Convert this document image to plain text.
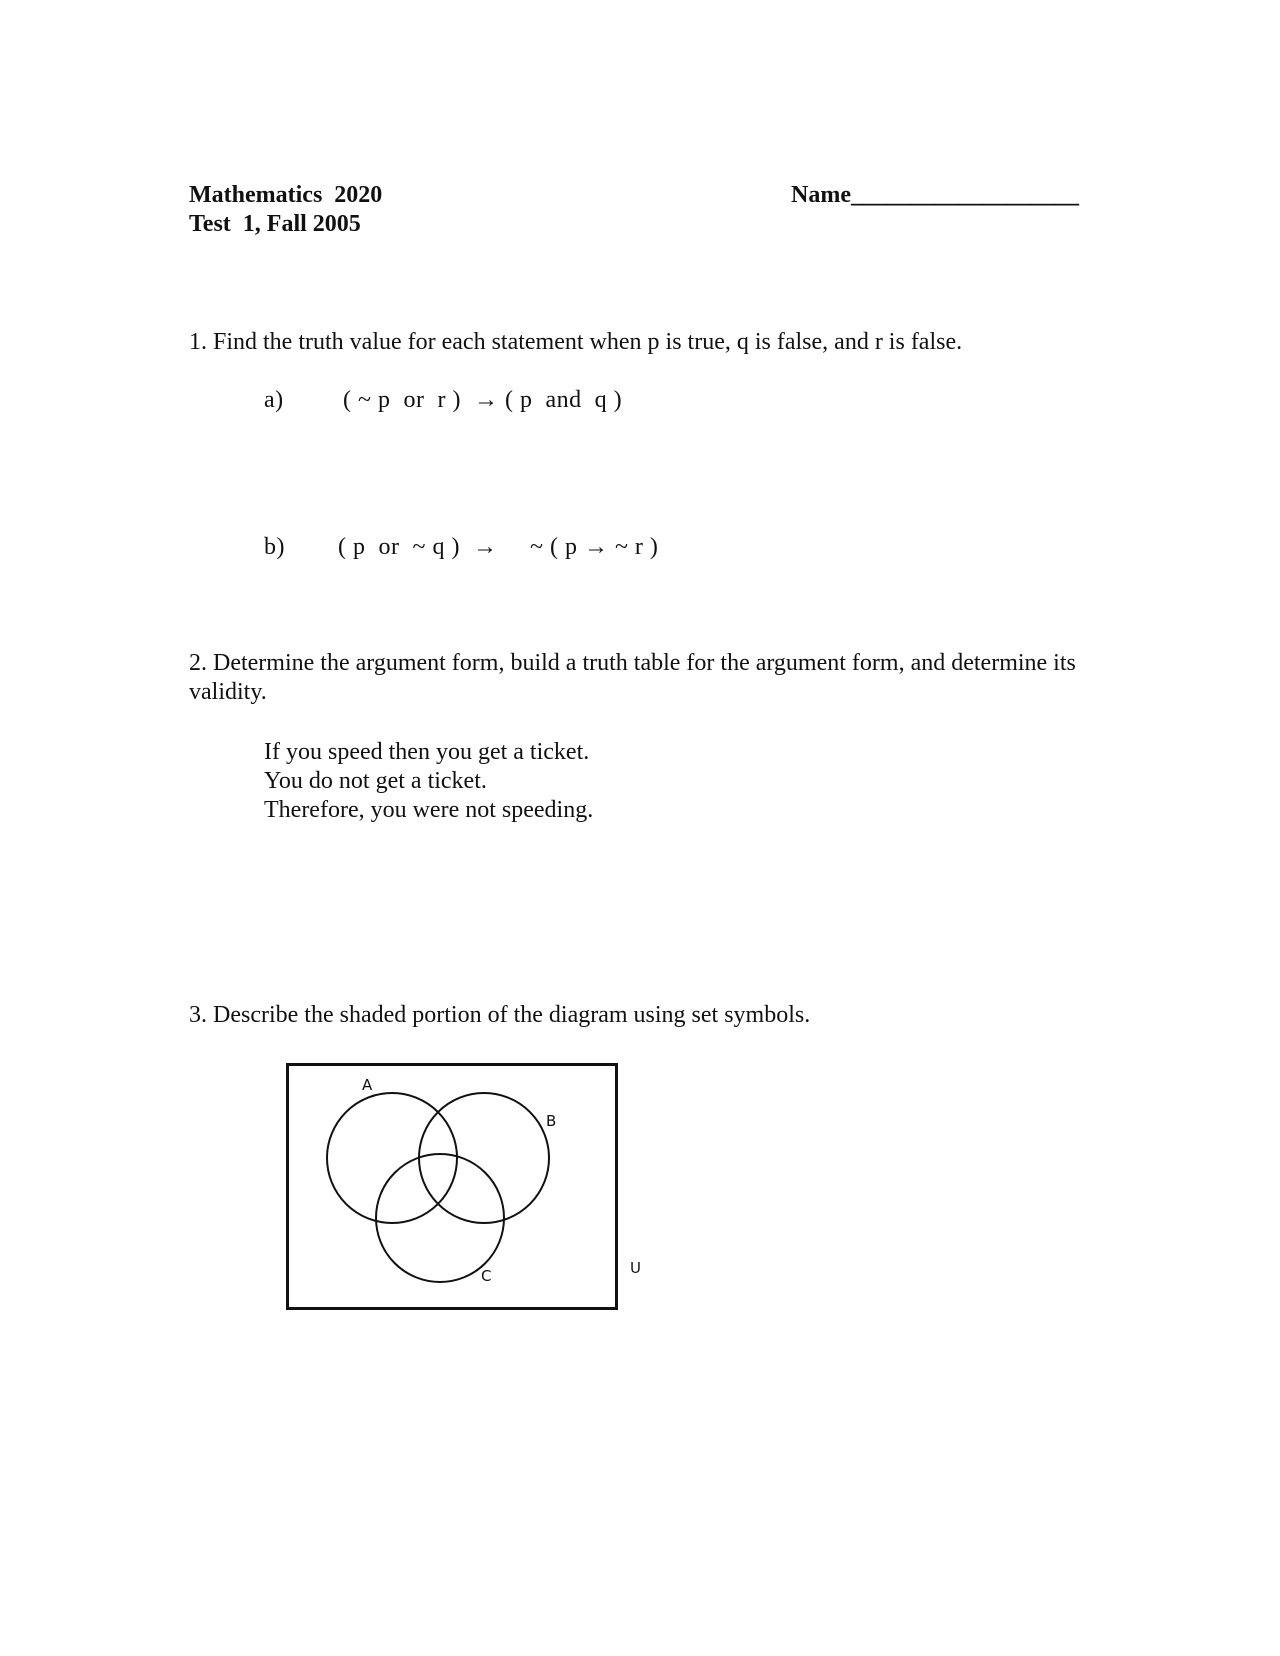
Mathematics  2020
Test  1, Fall 2005
Name___________________
1. Find the truth value for each statement when p is true, q is false, and r is false.
a) ( ~ p  or  r )  → ( p  and  q )
b) ( p  or  ~ q )  →     ~ ( p → ~ r )
2. Determine the argument form, build a truth table for the argument form, and determine its validity.
If you speed then you get a ticket.
You do not get a ticket.
Therefore, you were not speeding.
3. Describe the shaded portion of the diagram using set symbols.
A
B
C	U
